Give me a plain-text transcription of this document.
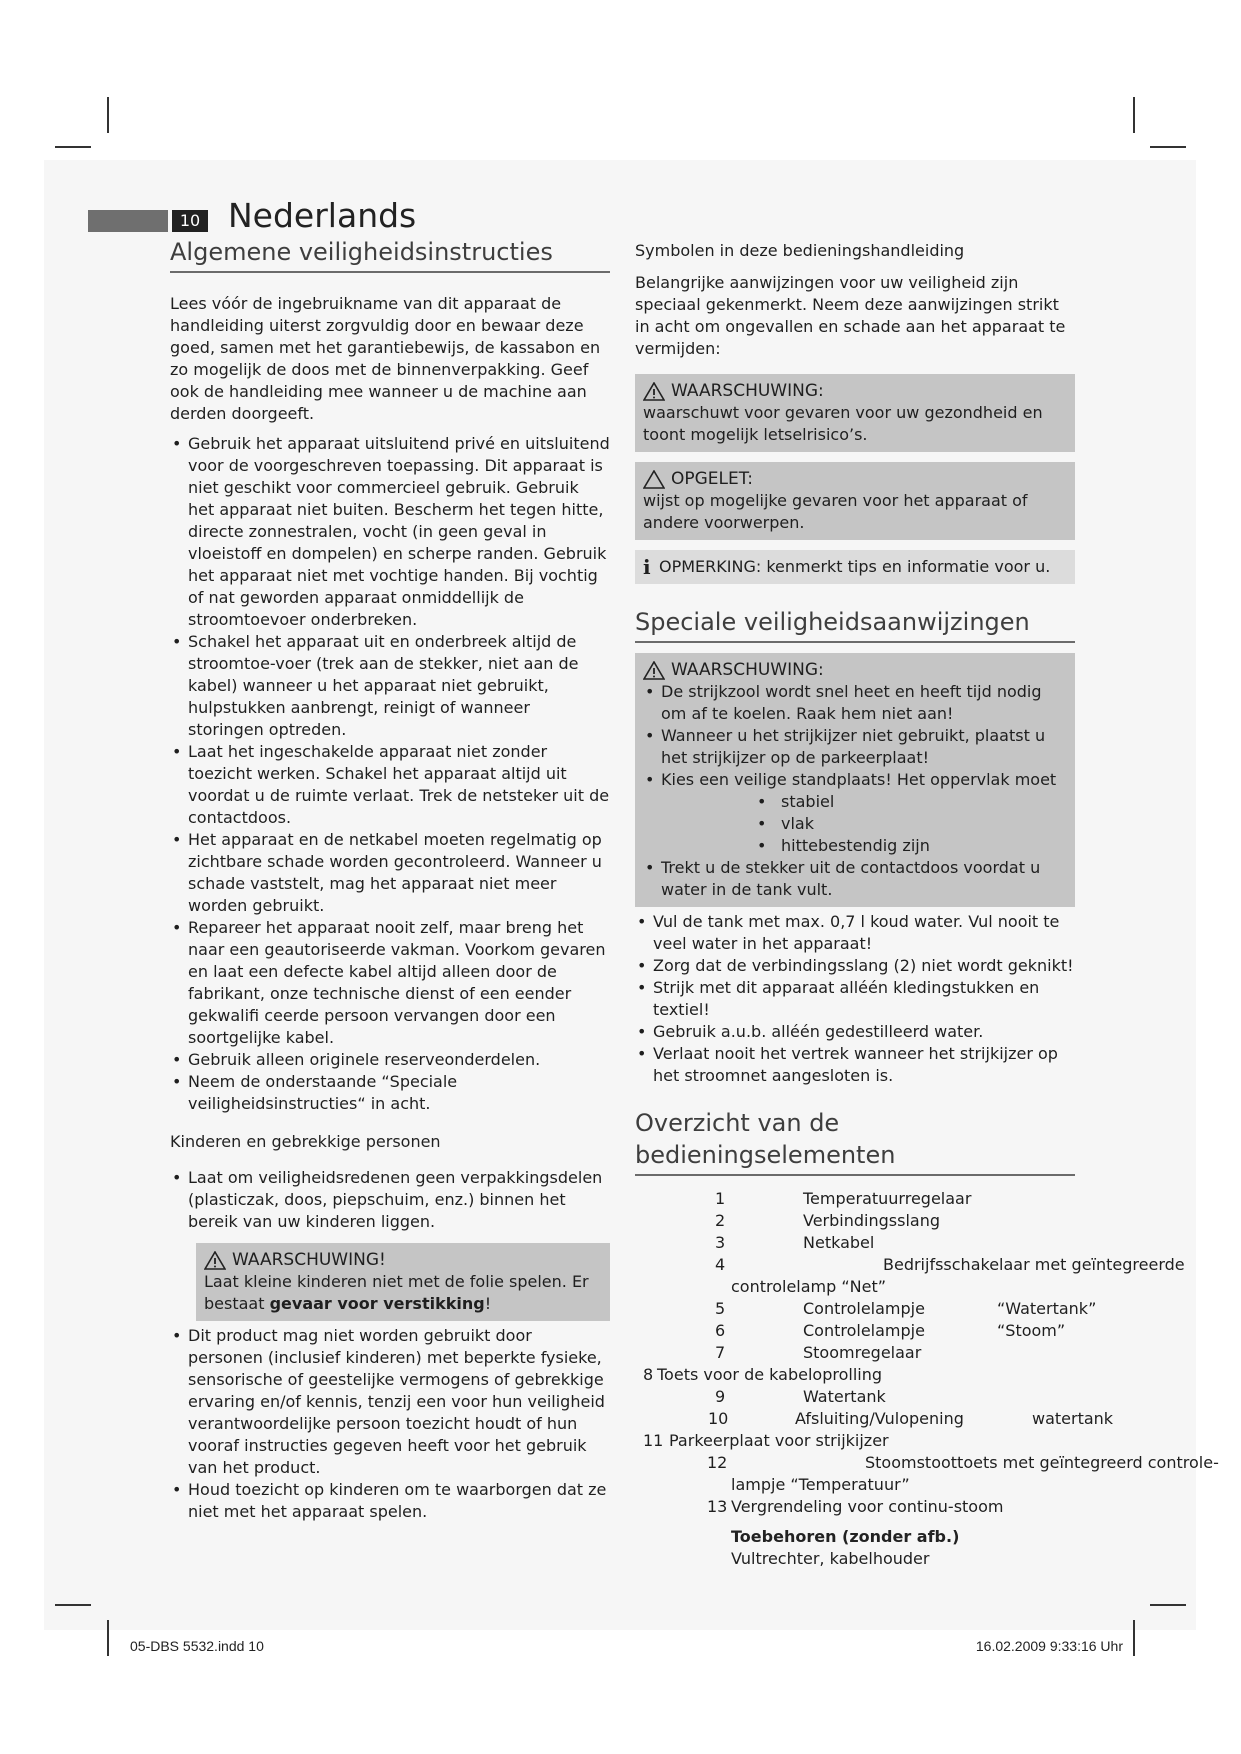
10 Nederlands
Algemene veiligheidsinstructies

Lees vóór de ingebruikname van dit apparaat de handleiding uiterst zorgvuldig door en bewaar deze goed, samen met het garantiebewijs, de kassabon en zo mogelijk de doos met de binnenverpakking. Geef ook de handleiding mee wanneer u de machine aan derden doorgeeft.

• Gebruik het apparaat uitsluitend privé en uitsluitend voor de voorgeschreven toepassing. Dit apparaat is niet geschikt voor commercieel gebruik. Gebruik het apparaat niet buiten. Bescherm het tegen hitte, directe zonnestralen, vocht (in geen geval in vloeistoff en dompelen) en scherpe randen. Gebruik het apparaat niet met vochtige handen. Bij vochtig of nat geworden apparaat onmiddellijk de stroomtoevoer onderbreken.
• Schakel het apparaat uit en onderbreek altijd de stroomtoe-voer (trek aan de stekker, niet aan de kabel) wanneer u het apparaat niet gebruikt, hulpstukken aanbrengt, reinigt of wanneer storingen optreden.
• Laat het ingeschakelde apparaat niet zonder toezicht werken. Schakel het apparaat altijd uit voordat u de ruimte verlaat. Trek de netsteker uit de contactdoos.
• Het apparaat en de netkabel moeten regelmatig op zichtbare schade worden gecontroleerd. Wanneer u schade vaststelt, mag het apparaat niet meer worden gebruikt.
• Repareer het apparaat nooit zelf, maar breng het naar een geautoriseerde vakman. Voorkom gevaren en laat een defecte kabel altijd alleen door de fabrikant, onze technische dienst of een eender gekwalifi ceerde persoon vervangen door een soortgelijke kabel.
• Gebruik alleen originele reserveonderdelen.
• Neem de onderstaande “Speciale veiligheidsinstructies“ in acht.

Kinderen en gebrekkige personen

• Laat om veiligheidsredenen geen verpakkingsdelen (plasticzak, doos, piepschuim, enz.) binnen het bereik van uw kinderen liggen.
WAARSCHUWING!

Laat kleine kinderen niet met de folie spelen. Er bestaat gevaar voor verstikking!

• Dit product mag niet worden gebruikt door personen (inclusief kinderen) met beperkte fysieke, sensorische of geestelijke vermogens of gebrekkige ervaring en/of kennis, tenzij een voor hun veiligheid verantwoordelijke persoon toezicht houdt of hun vooraf instructies gegeven heeft voor het gebruik van het product.
• Houd toezicht op kinderen om te waarborgen dat ze niet met het apparaat spelen.

Symbolen in deze bedieningshandleiding

Belangrijke aanwijzingen voor uw veiligheid zijn speciaal gekenmerkt. Neem deze aanwijzingen strikt in acht om ongevallen en schade aan het apparaat te vermijden:

WAARSCHUWING:

waarschuwt voor gevaren voor uw gezondheid en toont mogelijk letselrisico’s.

OPGELET:

wijst op mogelijke gevaren voor het apparaat of andere voorwerpen.

i OPMERKING: kenmerkt tips en informatie voor u.
Speciale veiligheidsaanwijzingen
WAARSCHUWING:
• De strijkzool wordt snel heet en heeft tijd nodig om af te koelen. Raak hem niet aan!
• Wanneer u het strijkijzer niet gebruikt, plaatst u het strijkijzer op de parkeerplaat!
• Kies een veilige standplaats! Het oppervlak moet
• stabiel
• vlak
• hittebestendig zijn
• Trekt u de stekker uit de contactdoos voordat u water in de tank vult.
• Vul de tank met max. 0,7 l koud water. Vul nooit te veel water in het apparaat!
• Zorg dat de verbindingsslang (2) niet wordt geknikt!
• Strijk met dit apparaat alléén kledingstukken en textiel!
• Gebruik a.u.b. alléén gedestilleerd water.
• Verlaat nooit het vertrek wanneer het strijkijzer op het stroomnet aangesloten is.
Overzicht van de bedieningselementen
1	Temperatuurregelaar
2	Verbindingsslang
3	Netkabel
4	Bedrijfsschakelaar met geïntegreerde
controlelamp “Net”
5	Controlelampje	“Watertank”
6	Controlelampje	“Stoom”
7	Stoomregelaar
8 Toets voor de kabeloprolling
9	Watertank
10	Afsluiting/Vulopening	watertank
11 Parkeerplaat voor strijkijzer
12	Stoomstoottoets met geïntegreerd controle-
lampje “Temperatuur”
13 Vergrendeling voor continu-stoom

Toebehoren (zonder afb.)

Vultrechter, kabelhouder

05-DBS 5532.indd 10	16.02.2009 9:33:16 Uhr
